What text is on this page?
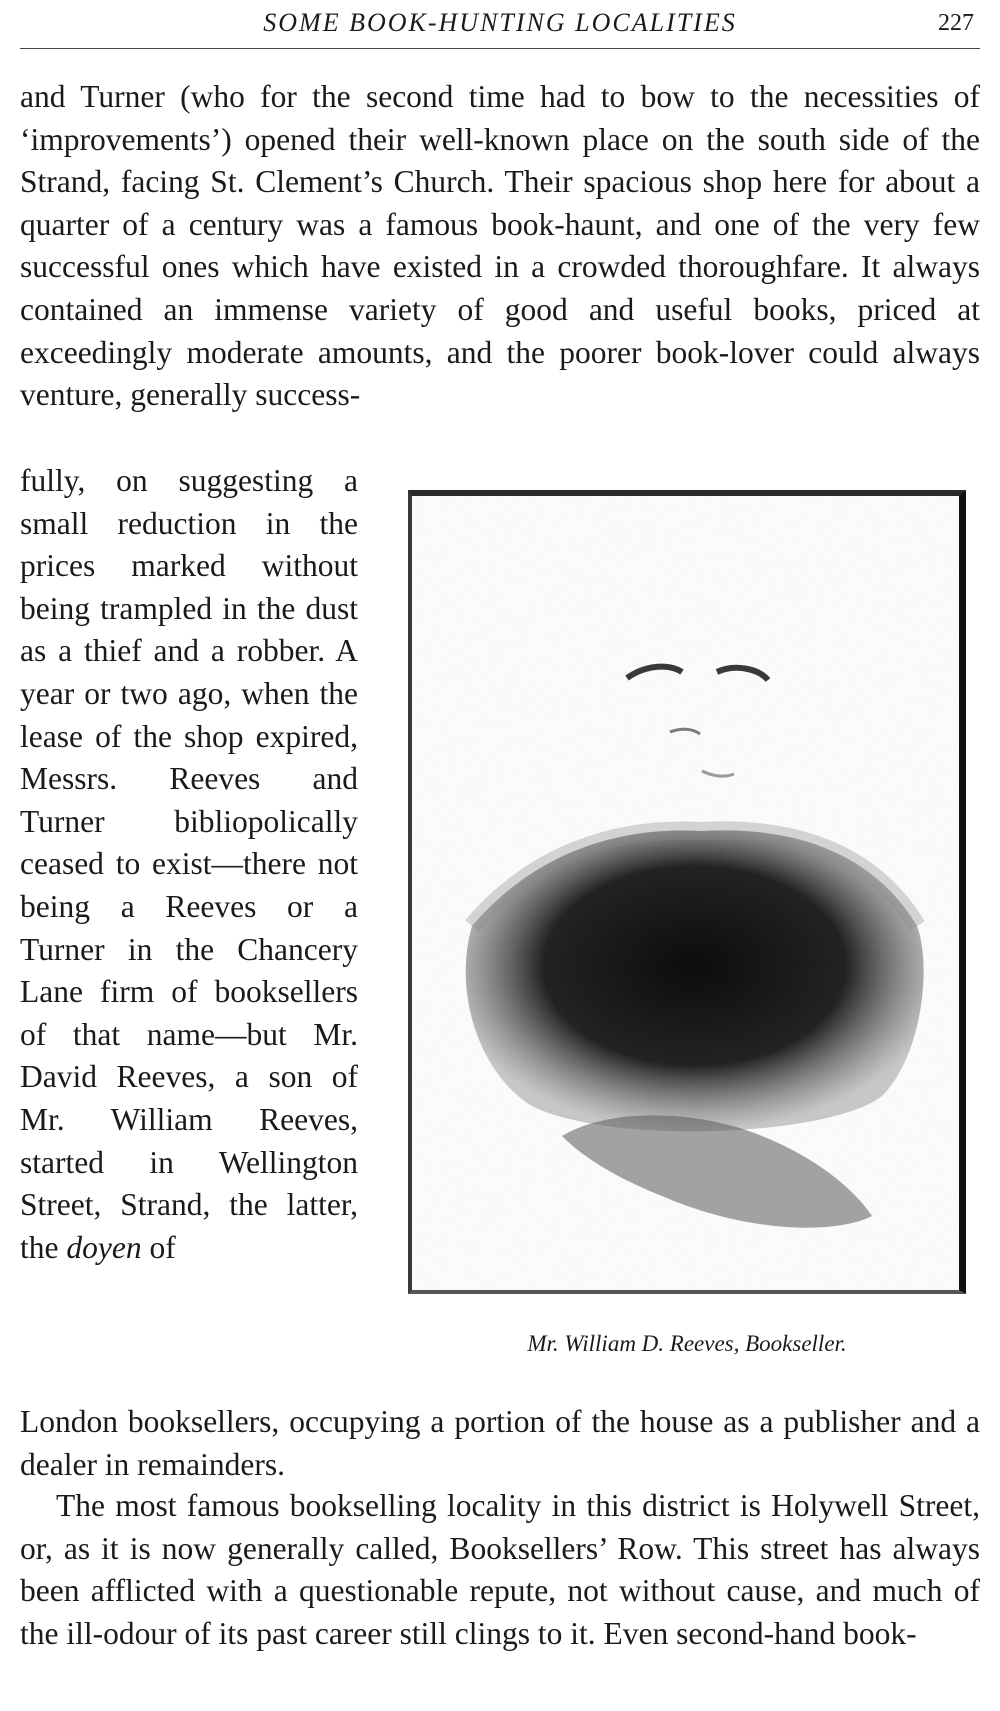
SOME BOOK-HUNTING LOCALITIES	227

and Turner (who for the second time had to bow to the necessities of ‘improvements’) opened their well-known place on the south side of the Strand, facing St. Clement’s Church. Their spacious shop here for about a quarter of a century was a famous book-haunt, and one of the very few successful ones which have existed in a crowded thoroughfare. It always contained an immense variety of good and useful books, priced at exceedingly moderate amounts, and the poorer book-lover could always venture, generally success-

fully, on suggesting a small reduction in the prices marked without being trampled in the dust as a thief and a robber. A year or two ago, when the lease of the shop expired, Messrs. Reeves and Turner bibliopolically ceased to exist—there not being a Reeves or a Turner in the Chancery Lane firm of booksellers of that name—but Mr. David Reeves, a son of Mr. William Reeves, started in Wellington Street, Strand, the latter, the doyen of

Mr. William D. Reeves, Bookseller.

London booksellers, occupying a portion of the house as a publisher and a dealer in remainders.

The most famous bookselling locality in this district is Holywell Street, or, as it is now generally called, Booksellers’ Row. This street has always been afflicted with a questionable repute, not without cause, and much of the ill-odour of its past career still clings to it. Even second-hand book-
